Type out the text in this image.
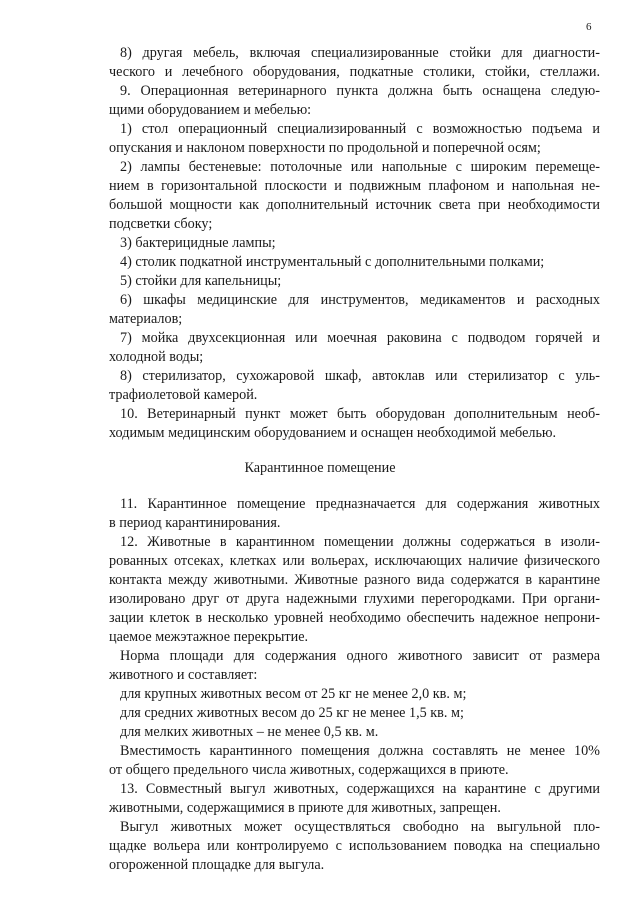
6
8) другая мебель, включая специализированные стойки для диагности-
ческого и лечебного оборудования, подкатные столики, стойки, стеллажи.
9. Операционная ветеринарного пункта должна быть оснащена следую-
щими оборудованием и мебелью:
1) стол операционный специализированный с возможностью подъема и
опускания и наклоном поверхности по продольной и поперечной осям;
2) лампы бестеневые: потолочные или напольные с широким перемеще-
нием в горизонтальной плоскости и подвижным плафоном и напольная не-
большой мощности как дополнительный источник света при необходимости
подсветки сбоку;
3) бактерицидные лампы;
4) столик подкатной инструментальный с дополнительными полками;
5) стойки для капельницы;
6) шкафы медицинские для инструментов, медикаментов и расходных
материалов;
7) мойка двухсекционная или моечная раковина с подводом горячей и
холодной воды;
8) стерилизатор, сухожаровой шкаф, автоклав или стерилизатор с уль-
трафиолетовой камерой.
10. Ветеринарный пункт может быть оборудован дополнительным необ-
ходимым медицинским оборудованием и оснащен необходимой мебелью.
Карантинное помещение
11. Карантинное помещение предназначается для содержания животных
в период карантинирования.
12. Животные в карантинном помещении должны содержаться в изоли-
рованных отсеках, клетках или вольерах, исключающих наличие физического
контакта между животными. Животные разного вида содержатся в карантине
изолировано друг от друга надежными глухими перегородками. При органи-
зации клеток в несколько уровней необходимо обеспечить надежное непрони-
цаемое межэтажное перекрытие.
Норма площади для содержания одного животного зависит от размера
животного и составляет:
для крупных животных весом от 25 кг не менее 2,0 кв. м;
для средних животных весом до 25 кг не менее 1,5 кв. м;
для мелких животных – не менее 0,5 кв. м.
Вместимость карантинного помещения должна составлять не менее 10%
от общего предельного числа животных, содержащихся в приюте.
13. Совместный выгул животных, содержащихся на карантине с другими
животными, содержащимися в приюте для животных, запрещен.
Выгул животных может осуществляться свободно на выгульной пло-
щадке вольера или контролируемо с использованием поводка на специально
огороженной площадке для выгула.
